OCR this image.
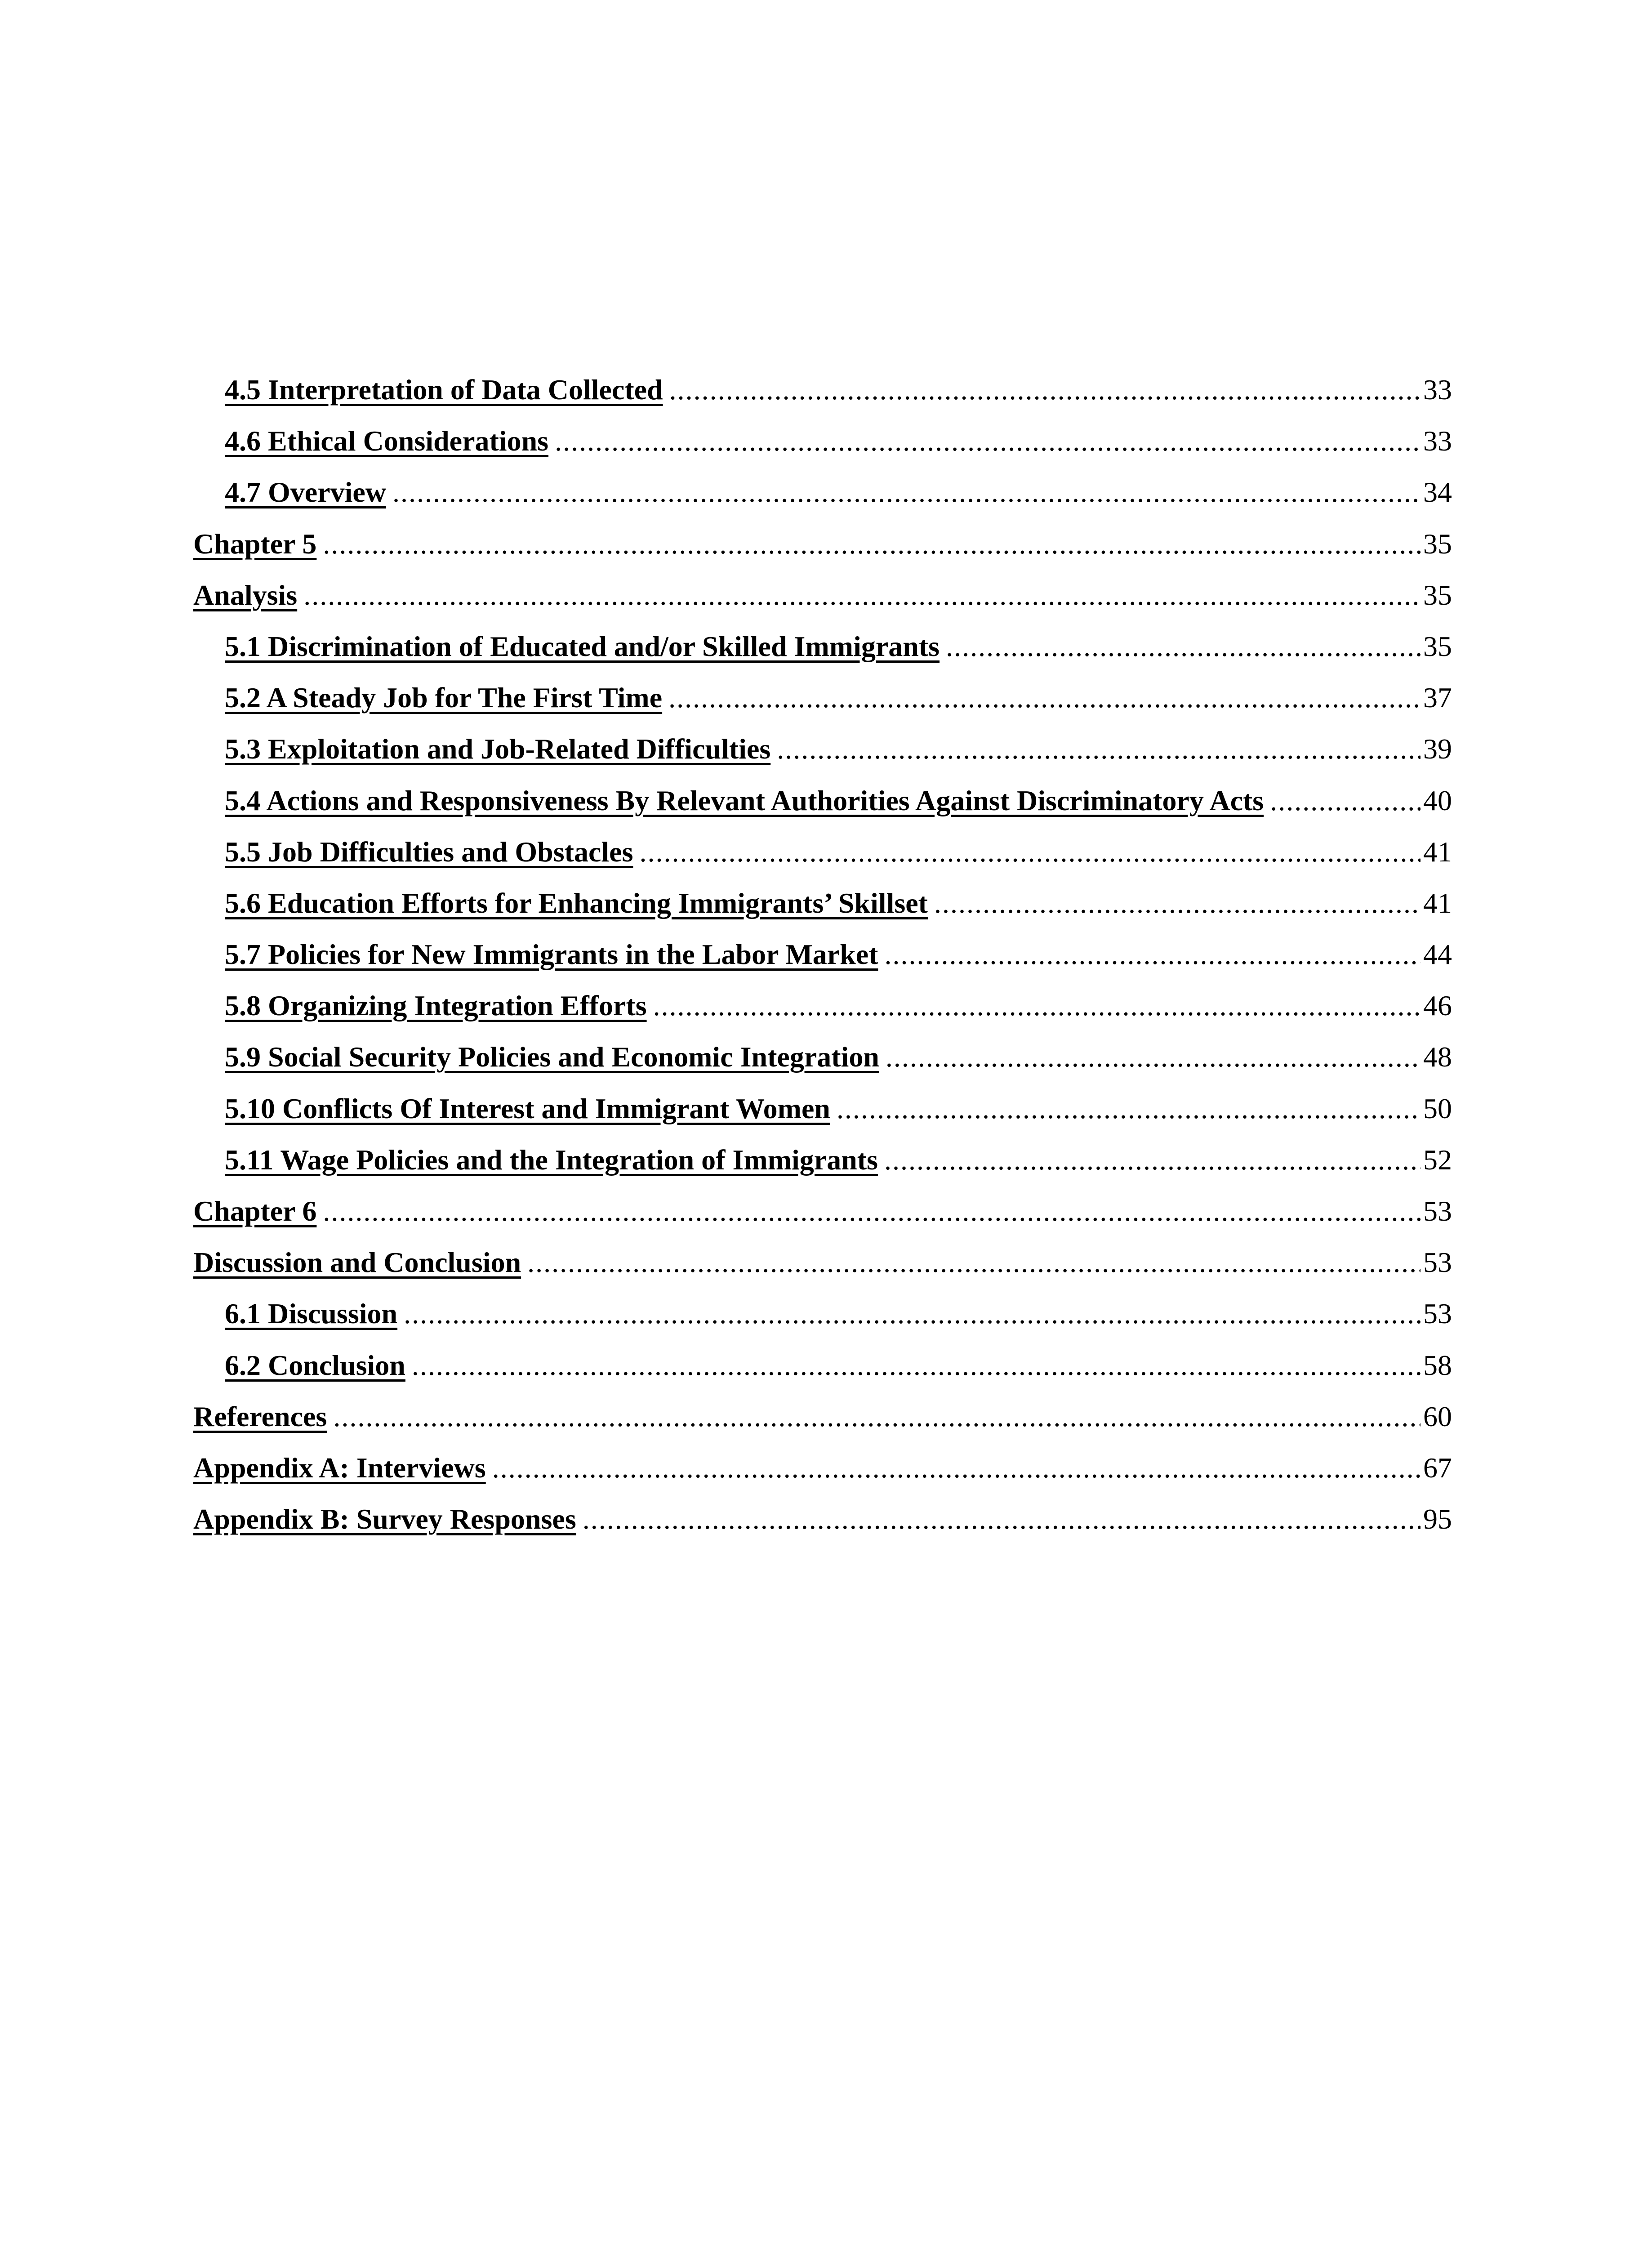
4.5 Interpretation of Data Collected .....	33
4.6 Ethical Considerations .....	33
4.7 Overview .....	34
Chapter 5 .....	35
Analysis .....	35
5.1 Discrimination of Educated and/or Skilled Immigrants .....	35
5.2 A Steady Job for The First Time .....	37
5.3 Exploitation and Job-Related Difficulties .....	39
5.4 Actions and Responsiveness By Relevant Authorities Against Discriminatory Acts .....	40
5.5 Job Difficulties and Obstacles .....	41
5.6 Education Efforts for Enhancing Immigrants’ Skillset .....	41
5.7 Policies for New Immigrants in the Labor Market .....	44
5.8 Organizing Integration Efforts .....	46
5.9 Social Security Policies and Economic Integration .....	48
5.10 Conflicts Of Interest and Immigrant Women .....	50
5.11 Wage Policies and the Integration of Immigrants .....	52
Chapter 6 .....	53
Discussion and Conclusion .....	53
6.1 Discussion .....	53
6.2 Conclusion .....	58
References .....	60
Appendix A: Interviews .....	67
Appendix B: Survey Responses .....	95
